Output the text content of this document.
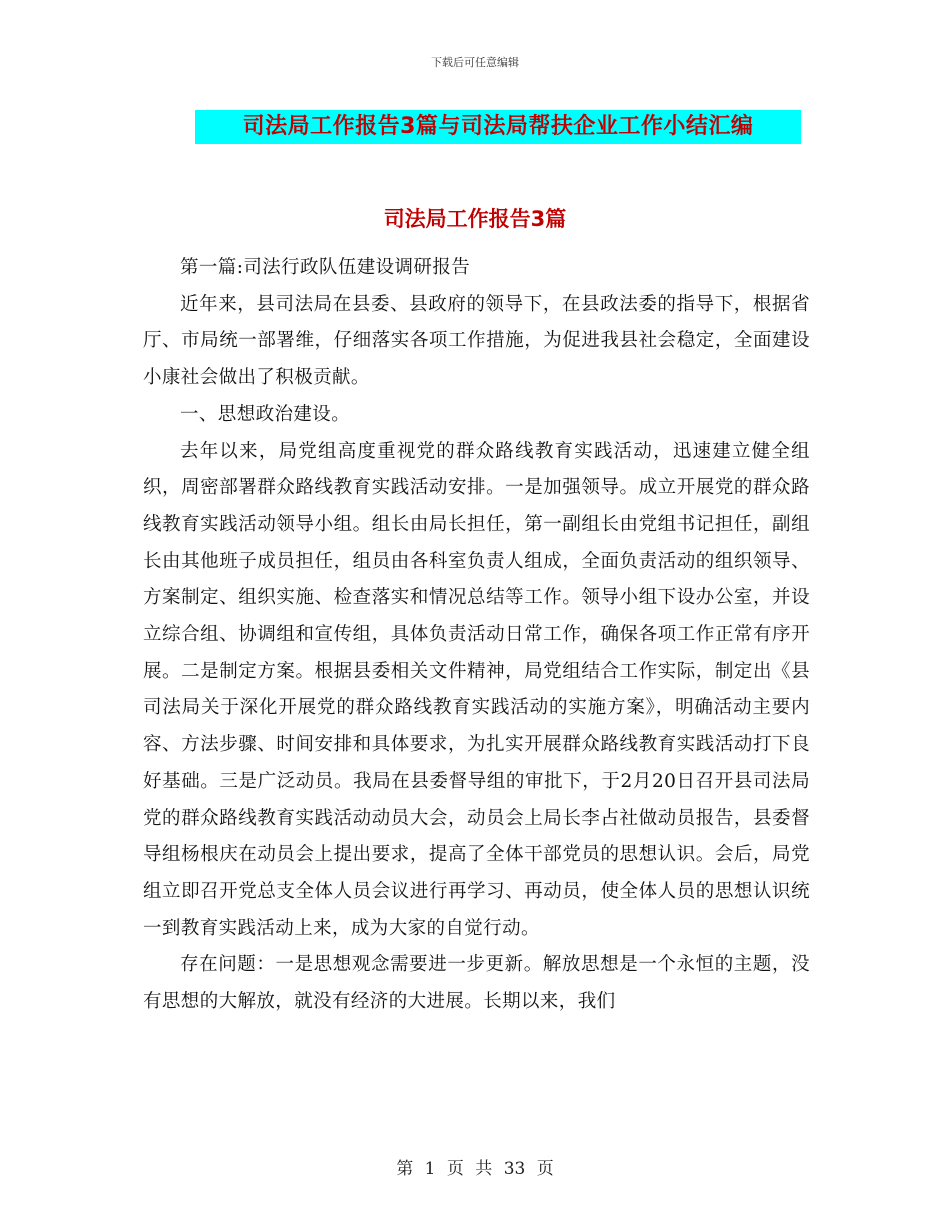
下载后可任意编辑
司法局工作报告3篇与司法局帮扶企业工作小结汇编
司法局工作报告3篇

第一篇:司法行政队伍建设调研报告

近年来，县司法局在县委、县政府的领导下，在县政法委的指导下，根据省厅、市局统一部署维，仔细落实各项工作措施，为促进我县社会稳定，全面建设小康社会做出了积极贡献。

一、思想政治建设。

去年以来，局党组高度重视党的群众路线教育实践活动，迅速建立健全组织，周密部署群众路线教育实践活动安排。一是加强领导。成立开展党的群众路线教育实践活动领导小组。组长由局长担任，第一副组长由党组书记担任，副组长由其他班子成员担任，组员由各科室负责人组成，全面负责活动的组织领导、方案制定、组织实施、检查落实和情况总结等工作。领导小组下设办公室，并设立综合组、协调组和宣传组，具体负责活动日常工作，确保各项工作正常有序开展。二是制定方案。根据县委相关文件精神，局党组结合工作实际，制定出《县司法局关于深化开展党的群众路线教育实践活动的实施方案》，明确活动主要内容、方法步骤、时间安排和具体要求，为扎实开展群众路线教育实践活动打下良好基础。三是广泛动员。我局在县委督导组的审批下，于2月20日召开县司法局党的群众路线教育实践活动动员大会，动员会上局长李占社做动员报告，县委督导组杨根庆在动员会上提出要求，提高了全体干部党员的思想认识。会后，局党组立即召开党总支全体人员会议进行再学习、再动员，使全体人员的思想认识统一到教育实践活动上来，成为大家的自觉行动。

存在问题：一是思想观念需要进一步更新。解放思想是一个永恒的主题，没有思想的大解放，就没有经济的大进展。长期以来，我们

第 1 页 共 33 页
